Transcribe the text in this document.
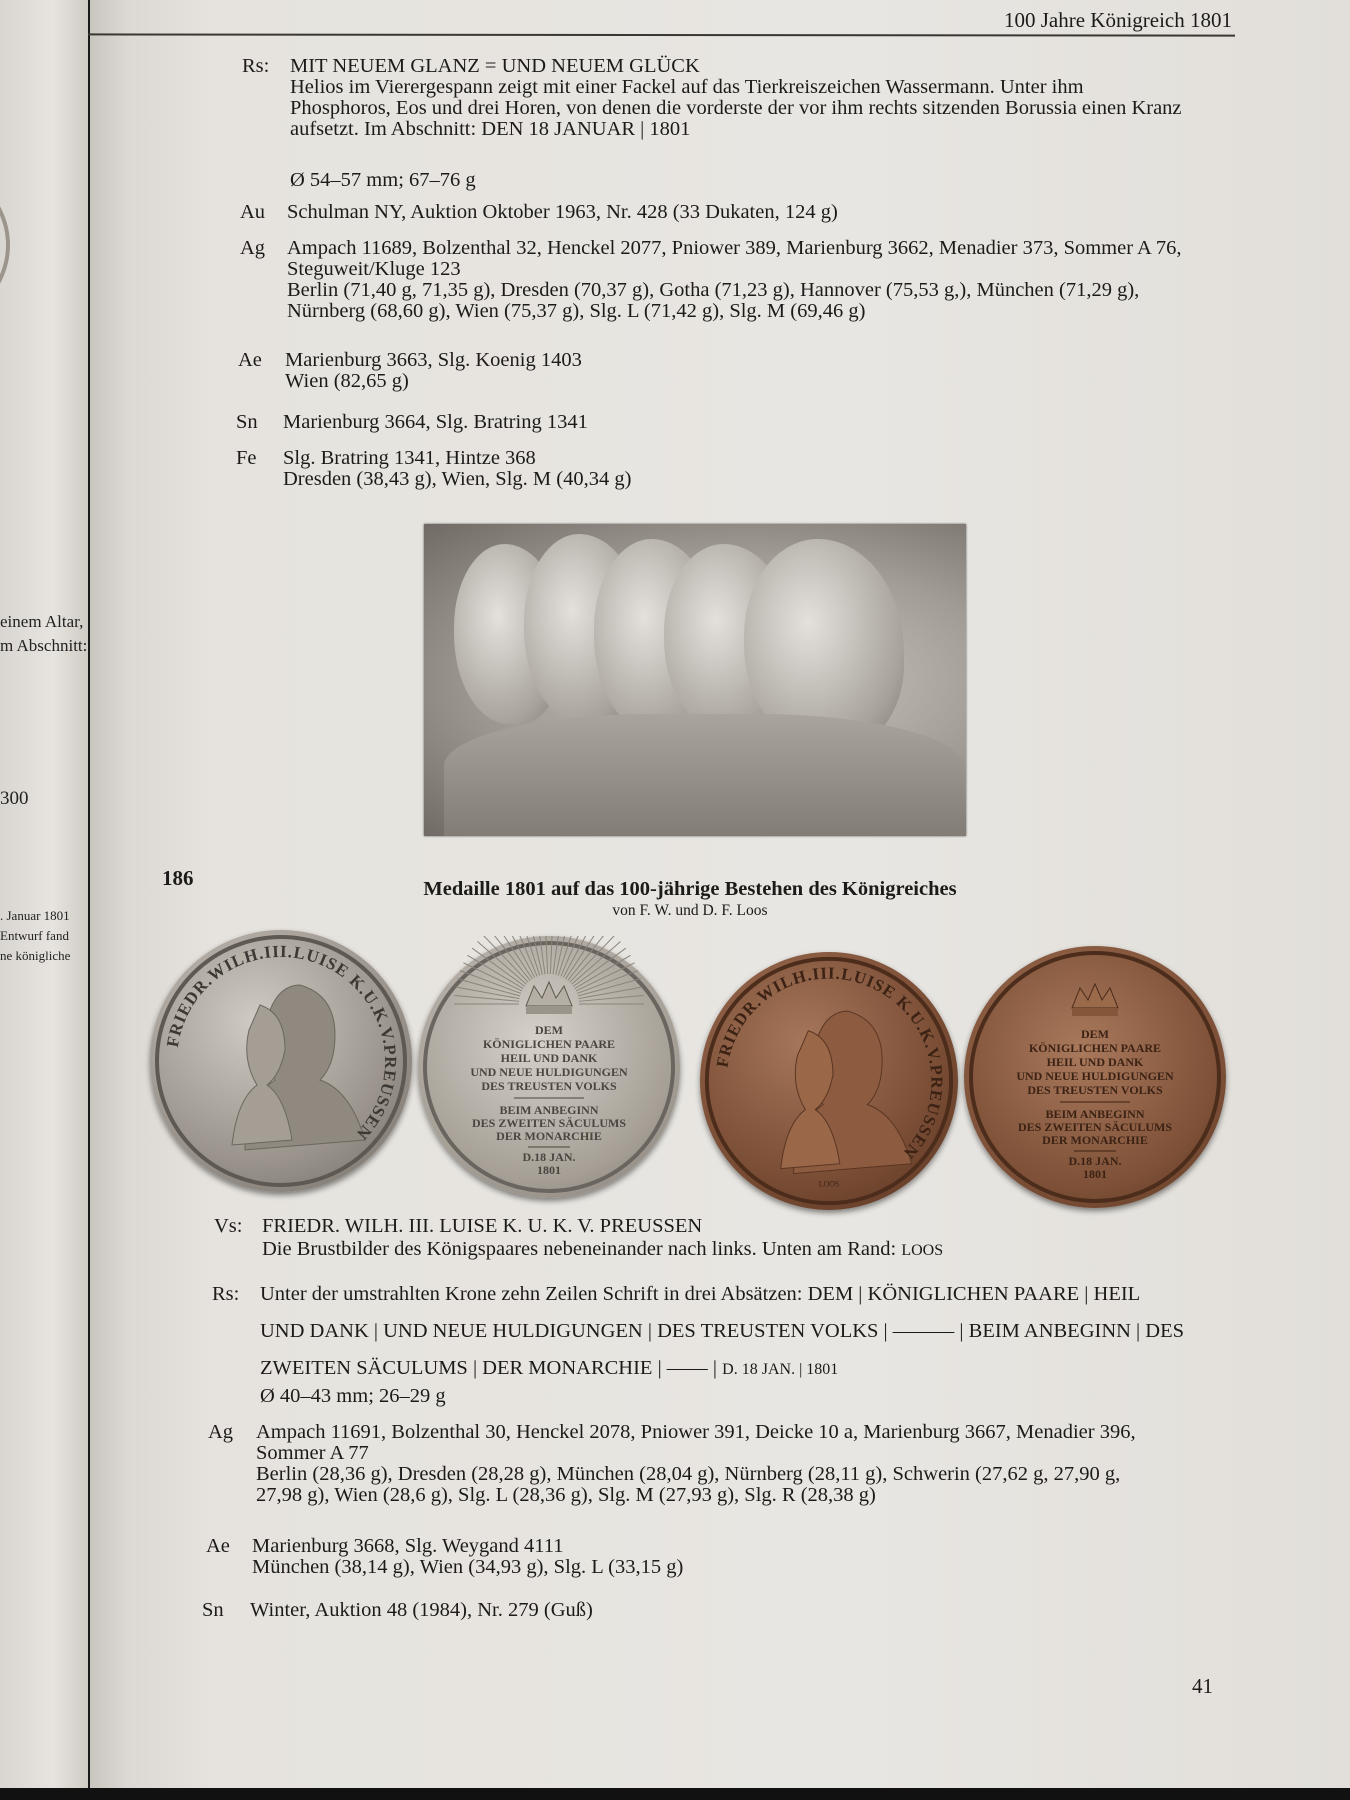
einem Altar,
m Abschnitt:
300
. Januar 1801
Entwurf fand
ne königliche
100 Jahre Königreich 1801
Rs: MIT NEUEM GLANZ = UND NEUEM GLÜCK
Helios im Vierergespann zeigt mit einer Fackel auf das Tierkreiszeichen Wassermann. Unter ihm
Phosphoros, Eos und drei Horen, von denen die vorderste der vor ihm rechts sitzenden Borussia einen Kranz
aufsetzt. Im Abschnitt: DEN 18 JANUAR | 1801
Ø 54–57 mm; 67–76 g
Au Schulman NY, Auktion Oktober 1963, Nr. 428 (33 Dukaten, 124 g)
Ag Ampach 11689, Bolzenthal 32, Henckel 2077, Pniower 389, Marienburg 3662, Menadier 373, Sommer A 76,
Steguweit/Kluge 123
Berlin (71,40 g, 71,35 g), Dresden (70,37 g), Gotha (71,23 g), Hannover (75,53 g,), München (71,29 g),
Nürnberg (68,60 g), Wien (75,37 g), Slg. L (71,42 g), Slg. M (69,46 g)
Ae Marienburg 3663, Slg. Koenig 1403
Wien (82,65 g)
Sn Marienburg 3664, Slg. Bratring 1341
Fe Slg. Bratring 1341, Hintze 368
Dresden (38,43 g), Wien, Slg. M (40,34 g)
186	Medaille 1801 auf das 100-jährige Bestehen des Königreiches
von F. W. und D. F. Loos
FRIEDR.WILH.III.LUISE K.U.K.V.PREUSSEN
DEM
KÖNIGLICHEN PAARE
HEIL UND DANK
UND NEUE HULDIGUNGEN
DES TREUSTEN VOLKS
BEIM ANBEGINN
DES ZWEITEN SÄCULUMS
DER MONARCHIE
D.18 JAN.
1801
FRIEDR.WILH.III.LUISE K.U.K.V.PREUSSEN
LOOS
DEM
KÖNIGLICHEN PAARE
HEIL UND DANK
UND NEUE HULDIGUNGEN
DES TREUSTEN VOLKS
BEIM ANBEGINN
DES ZWEITEN SÄCULUMS
DER MONARCHIE
D.18 JAN.
1801
Vs: FRIEDR. WILH. III. LUISE K. U. K. V. PREUSSEN
Die Brustbilder des Königspaares nebeneinander nach links. Unten am Rand: LOOS
Rs: Unter der umstrahlten Krone zehn Zeilen Schrift in drei Absätzen: DEM | KÖNIGLICHEN PAARE | HEIL
UND DANK | UND NEUE HULDIGUNGEN | DES TREUSTEN VOLKS | ——— | BEIM ANBEGINN | DES
ZWEITEN SÄCULUMS | DER MONARCHIE | —— | D. 18 JAN. | 1801
Ø 40–43 mm; 26–29 g
Ag Ampach 11691, Bolzenthal 30, Henckel 2078, Pniower 391, Deicke 10 a, Marienburg 3667, Menadier 396,
Sommer A 77
Berlin (28,36 g), Dresden (28,28 g), München (28,04 g), Nürnberg (28,11 g), Schwerin (27,62 g, 27,90 g,
27,98 g), Wien (28,6 g), Slg. L (28,36 g), Slg. M (27,93 g), Slg. R (28,38 g)
Ae Marienburg 3668, Slg. Weygand 4111
München (38,14 g), Wien (34,93 g), Slg. L (33,15 g)
Sn Winter, Auktion 48 (1984), Nr. 279 (Guß)
41
